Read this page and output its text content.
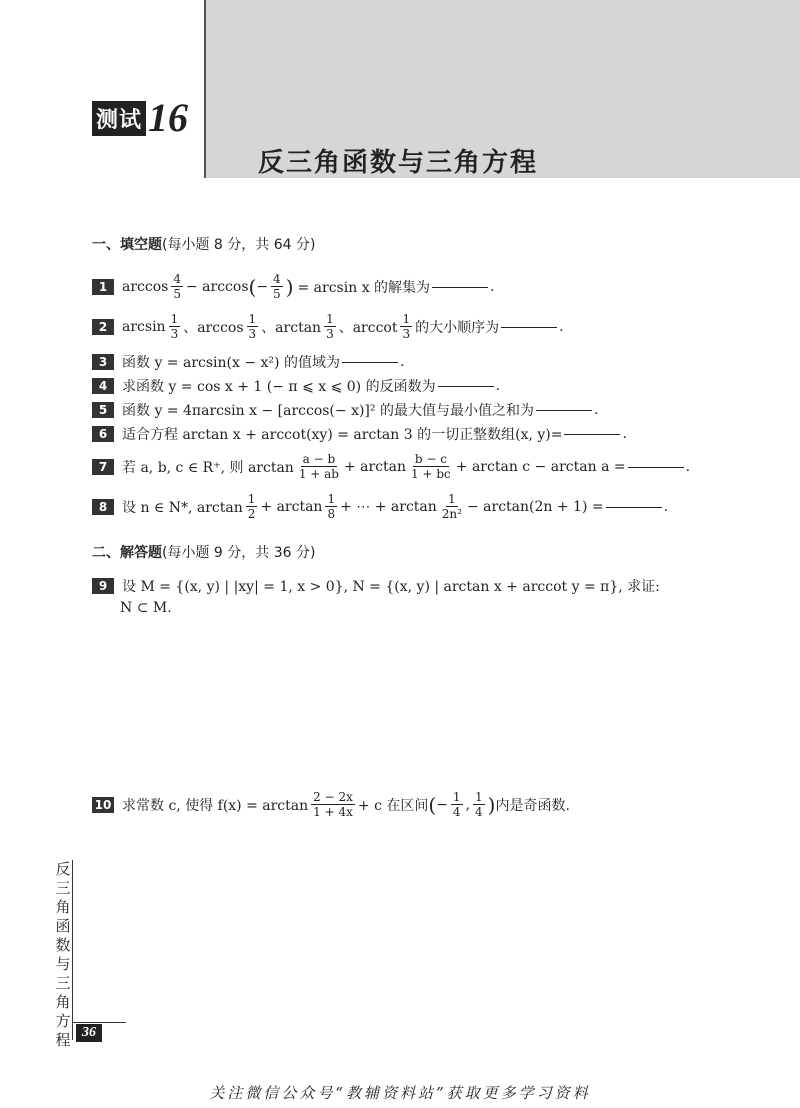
测试 16
反三角函数与三角方程
一、填空题(每小题 8 分，共 64 分)
1	$\arccos \frac{4}{5} - \arccos$ ( − $\frac{4}{5}$ ) = arcsin x 的解集为	.
2	$\arcsin \frac{1}{3}$ 、$\arccos \frac{1}{3}$ 、$\arctan \frac{1}{3}$ 、arccot $\frac{1}{3}$ 的大小顺序为	.
3	函数 y = arcsin(x − x²) 的值域为	.
4	求函数 y = cos x + 1 (− π ⩽ x ⩽ 0) 的反函数为	.
5	函数 y = 4πarcsin x − [arccos(− x)]² 的最大值与最小值之和为	.
6	适合方程 arctan x + arccot(xy) = arctan 3 的一切正整数组(x, y)=	.
7	若 a, b, c ∈ R⁺, 则 $\arctan \frac{a - b}{1 + ab} + \arctan \frac{b - c}{1 + bc} + \arctan c - \arctan a$ =	.
8	设 n ∈ N*, $\arctan \frac{1}{2} + \arctan \frac{1}{8}$ + ⋯ + $\arctan \frac{1}{\text{2n²}} - \arctan(2n + 1)$ =	.
二、解答题(每小题 9 分，共 36 分)
9	设 M = {(x, y) | |xy| = 1, x > 0}, N = {(x, y) | arctan x + arccot y = π}, 求证:
N ⊂ M.
10 求常数 c, 使得 $f(x) = \arctan \frac{2 - 2x}{1 + 4x} + c$ 在区间 ( − $\frac{1}{4}$ , $\frac{1}{4}$ ) 内是奇函数.
反
三
角
函
数
与
三
角
方
程 36
关注微信公众号“教辅资料站”获取更多学习资料
